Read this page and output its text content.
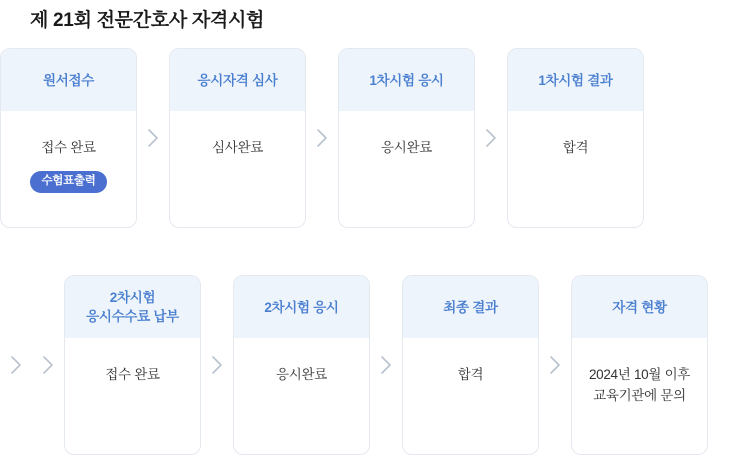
제 21회 전문간호사 자격시험
원서접수
접수 완료
수험표출력
응시자격 심사
심사완료
1차시험 응시
응시완료
1차시험 결과
합격
2차시험
응시수수료 납부
접수 완료
2차시험 응시
응시완료
최종 결과
합격
자격 현황
2024년 10월 이후
교육기관에 문의
